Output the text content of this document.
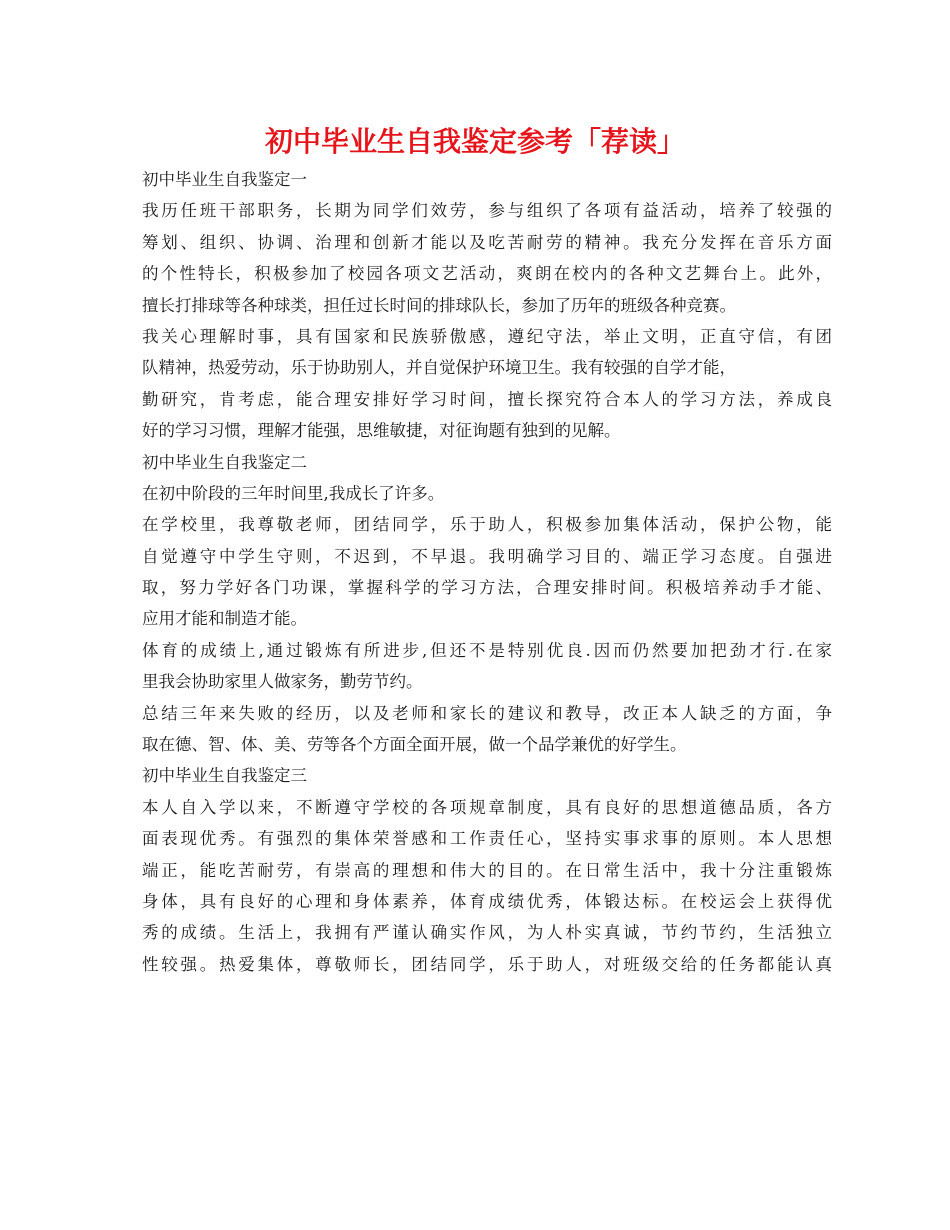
初中毕业生自我鉴定参考「荐读」
初中毕业生自我鉴定一
我历任班干部职务，长期为同学们效劳，参与组织了各项有益活动，培养了较强的
筹划、组织、协调、治理和创新才能以及吃苦耐劳的精神。我充分发挥在音乐方面
的个性特长，积极参加了校园各项文艺活动，爽朗在校内的各种文艺舞台上。此外，
擅长打排球等各种球类，担任过长时间的排球队长，参加了历年的班级各种竞赛。
我关心理解时事，具有国家和民族骄傲感，遵纪守法，举止文明，正直守信，有团
队精神，热爱劳动，乐于协助别人，并自觉保护环境卫生。我有较强的自学才能，
勤研究，肯考虑，能合理安排好学习时间，擅长探究符合本人的学习方法，养成良
好的学习习惯，理解才能强，思维敏捷，对征询题有独到的见解。
初中毕业生自我鉴定二
在初中阶段的三年时间里,我成长了许多。
在学校里，我尊敬老师，团结同学，乐于助人，积极参加集体活动，保护公物，能
自觉遵守中学生守则，不迟到，不早退。我明确学习目的、端正学习态度。自强进
取，努力学好各门功课，掌握科学的学习方法，合理安排时间。积极培养动手才能、
应用才能和制造才能。
体育的成绩上,通过锻炼有所进步,但还不是特别优良.因而仍然要加把劲才行.在家
里我会协助家里人做家务，勤劳节约。
总结三年来失败的经历，以及老师和家长的建议和教导，改正本人缺乏的方面，争
取在德、智、体、美、劳等各个方面全面开展，做一个品学兼优的好学生。
初中毕业生自我鉴定三
本人自入学以来，不断遵守学校的各项规章制度，具有良好的思想道德品质，各方
面表现优秀。有强烈的集体荣誉感和工作责任心，坚持实事求事的原则。本人思想
端正，能吃苦耐劳，有崇高的理想和伟大的目的。在日常生活中，我十分注重锻炼
身体，具有良好的心理和身体素养，体育成绩优秀，体锻达标。在校运会上获得优
秀的成绩。生活上，我拥有严谨认确实作风，为人朴实真诚，节约节约，生活独立
性较强。热爱集体，尊敬师长，团结同学，乐于助人，对班级交给的任务都能认真
